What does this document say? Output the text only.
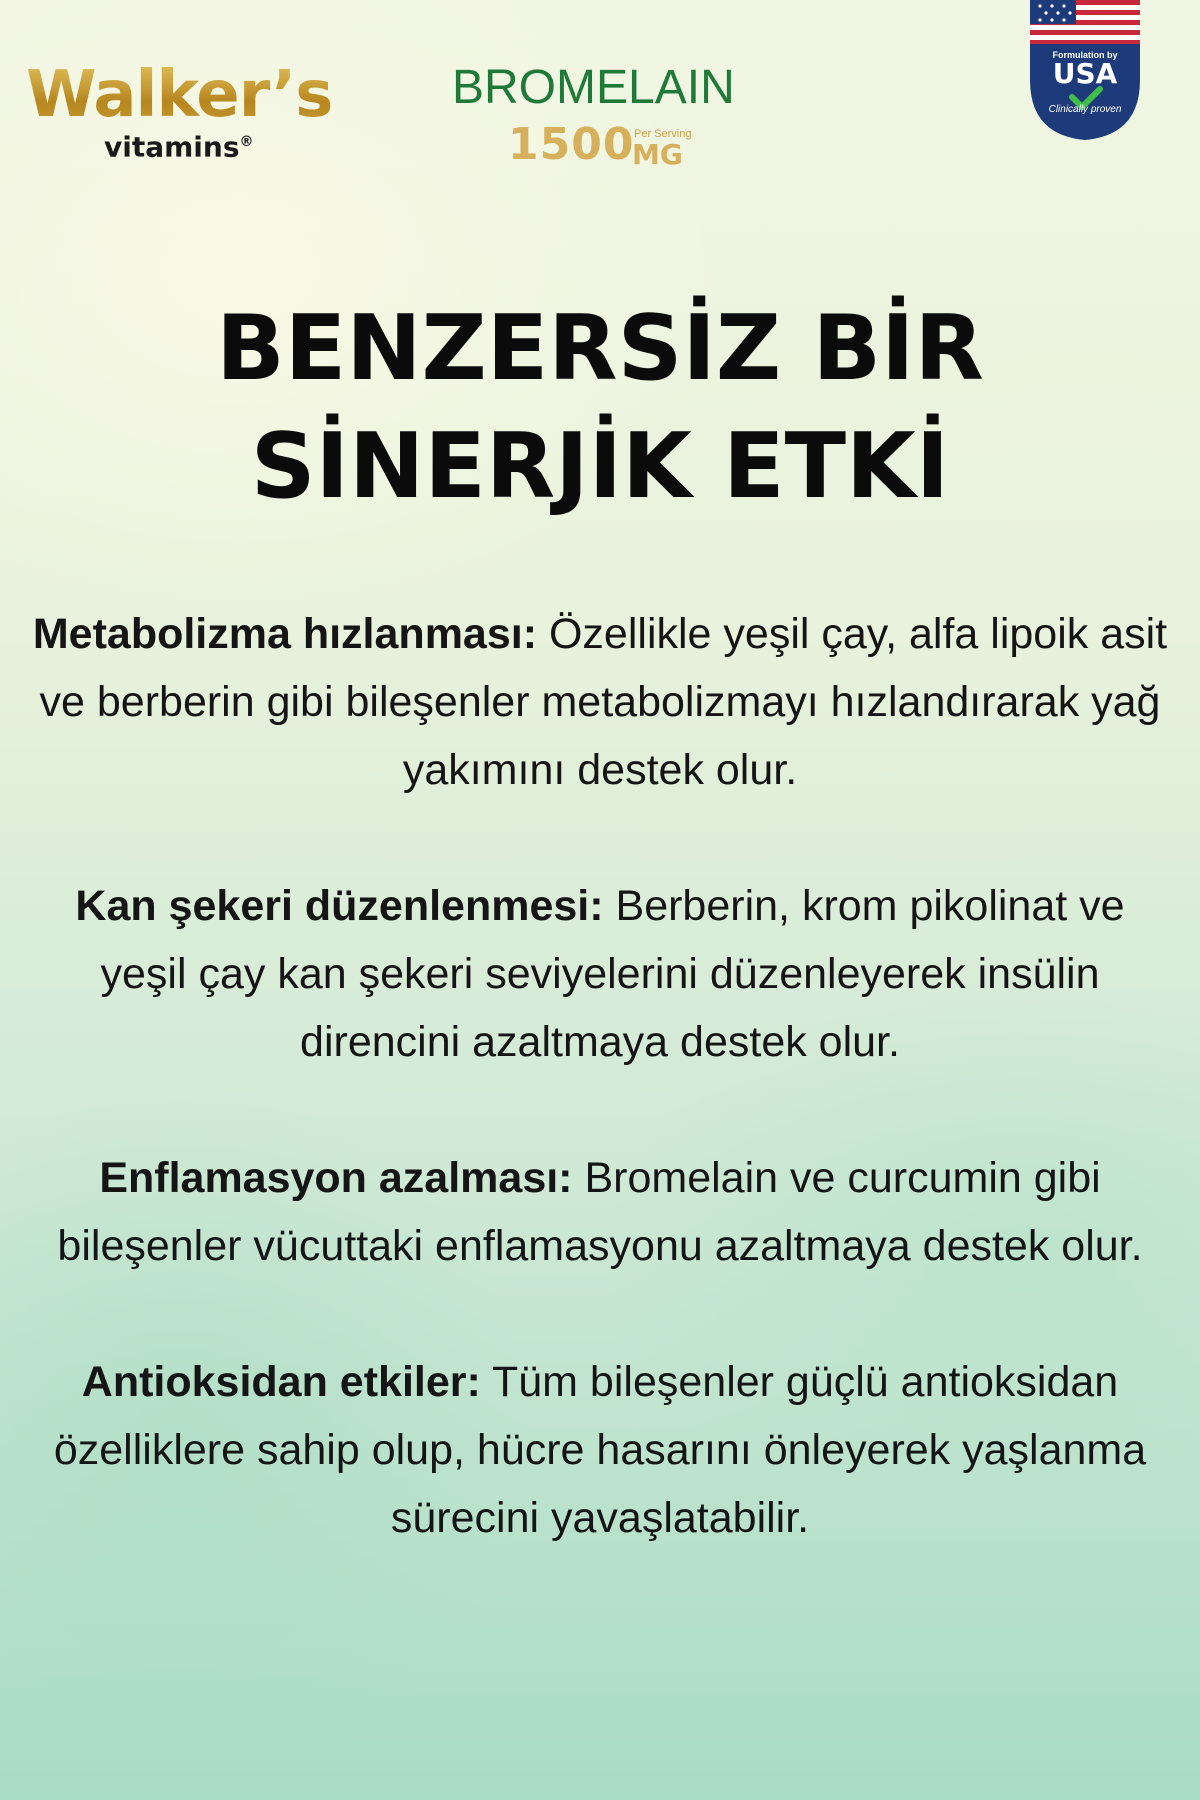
Walker’s
vitamins®
BROMELAIN
1500 Per Serving
MG
Formulation by
USA
Clinically proven
BENZERSİZ BİR
SİNERJİK ETKİ

Metabolizma hızlanması: Özellikle yeşil çay, alfa lipoik asit ve berberin gibi bileşenler metabolizmayı hızlandırarak yağ yakımını destek olur.

Kan şekeri düzenlenmesi: Berberin, krom pikolinat ve yeşil çay kan şekeri seviyelerini düzenleyerek insülin direncini azaltmaya destek olur.

Enflamasyon azalması: Bromelain ve curcumin gibi bileşenler vücuttaki enflamasyonu azaltmaya destek olur.

Antioksidan etkiler: Tüm bileşenler güçlü antioksidan özelliklere sahip olup, hücre hasarını önleyerek yaşlanma sürecini yavaşlatabilir.
